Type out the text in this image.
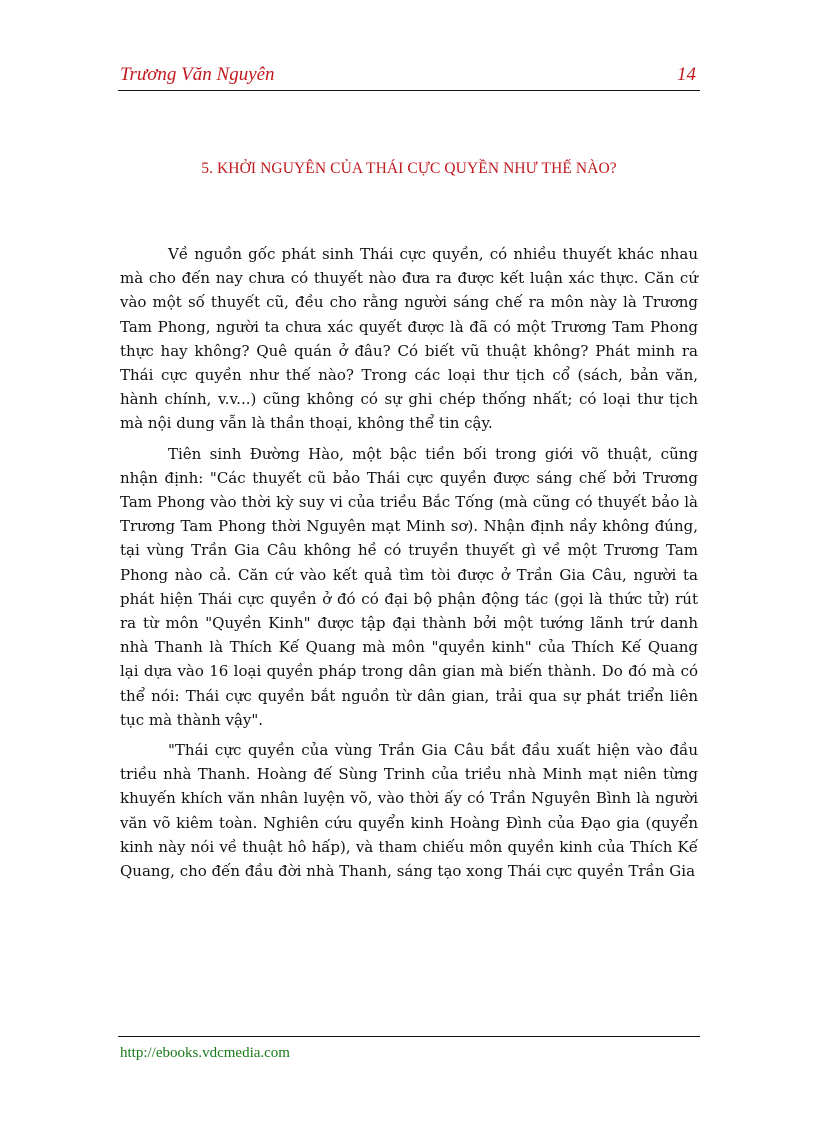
Trương Văn Nguyên	14
5. KHỞI NGUYÊN CỦA THÁI CỰC QUYỀN NHƯ THẾ NÀO?

Về nguồn gốc phát sinh Thái cực quyền, có nhiều thuyết khác nhau mà cho đến nay chưa có thuyết nào đưa ra được kết luận xác thực. Căn cứ vào một số thuyết cũ, đều cho rằng người sáng chế ra môn này là Trương Tam Phong, người ta chưa xác quyết được là đã có một Trương Tam Phong thực hay không? Quê quán ở đâu? Có biết vũ thuật không? Phát minh ra Thái cực quyền như thế nào? Trong các loại thư tịch cổ (sách, bản văn, hành chính, v.v...) cũng không có sự ghi chép thống nhất; có loại thư tịch mà nội dung vẫn là thần thoại, không thể tin cậy.

Tiên sinh Đường Hào, một bậc tiền bối trong giới võ thuật, cũng nhận định: "Các thuyết cũ bảo Thái cực quyền được sáng chế bởi Trương Tam Phong vào thời kỳ suy vi của triều Bắc Tống (mà cũng có thuyết bảo là Trương Tam Phong thời Nguyên mạt Minh sơ). Nhận định nầy không đúng, tại vùng Trần Gia Câu không hề có truyền thuyết gì về một Trương Tam Phong nào cả. Căn cứ vào kết quả tìm tòi được ở Trần Gia Câu, người ta phát hiện Thái cực quyền ở đó có đại bộ phận động tác (gọi là thức tử) rút ra từ môn "Quyền Kinh" được tập đại thành bởi một tướng lãnh trứ danh nhà Thanh là Thích Kế Quang mà môn "quyền kinh" của Thích Kế Quang lại dựa vào 16 loại quyền pháp trong dân gian mà biến thành. Do đó mà có thể nói: Thái cực quyền bắt nguồn từ dân gian, trải qua sự phát triển liên tục mà thành vậy".

"Thái cực quyền của vùng Trần Gia Câu bắt đầu xuất hiện vào đầu triều nhà Thanh. Hoàng đế Sùng Trinh của triều nhà Minh mạt niên từng khuyến khích văn nhân luyện võ, vào thời ấy có Trần Nguyên Bình là người văn võ kiêm toàn. Nghiên cứu quyển kinh Hoàng Đình của Đạo gia (quyển kinh này nói về thuật hô hấp), và tham chiếu môn quyền kinh của Thích Kế Quang, cho đến đầu đời nhà Thanh, sáng tạo xong Thái cực quyền Trần Gia

http://ebooks.vdcmedia.com
